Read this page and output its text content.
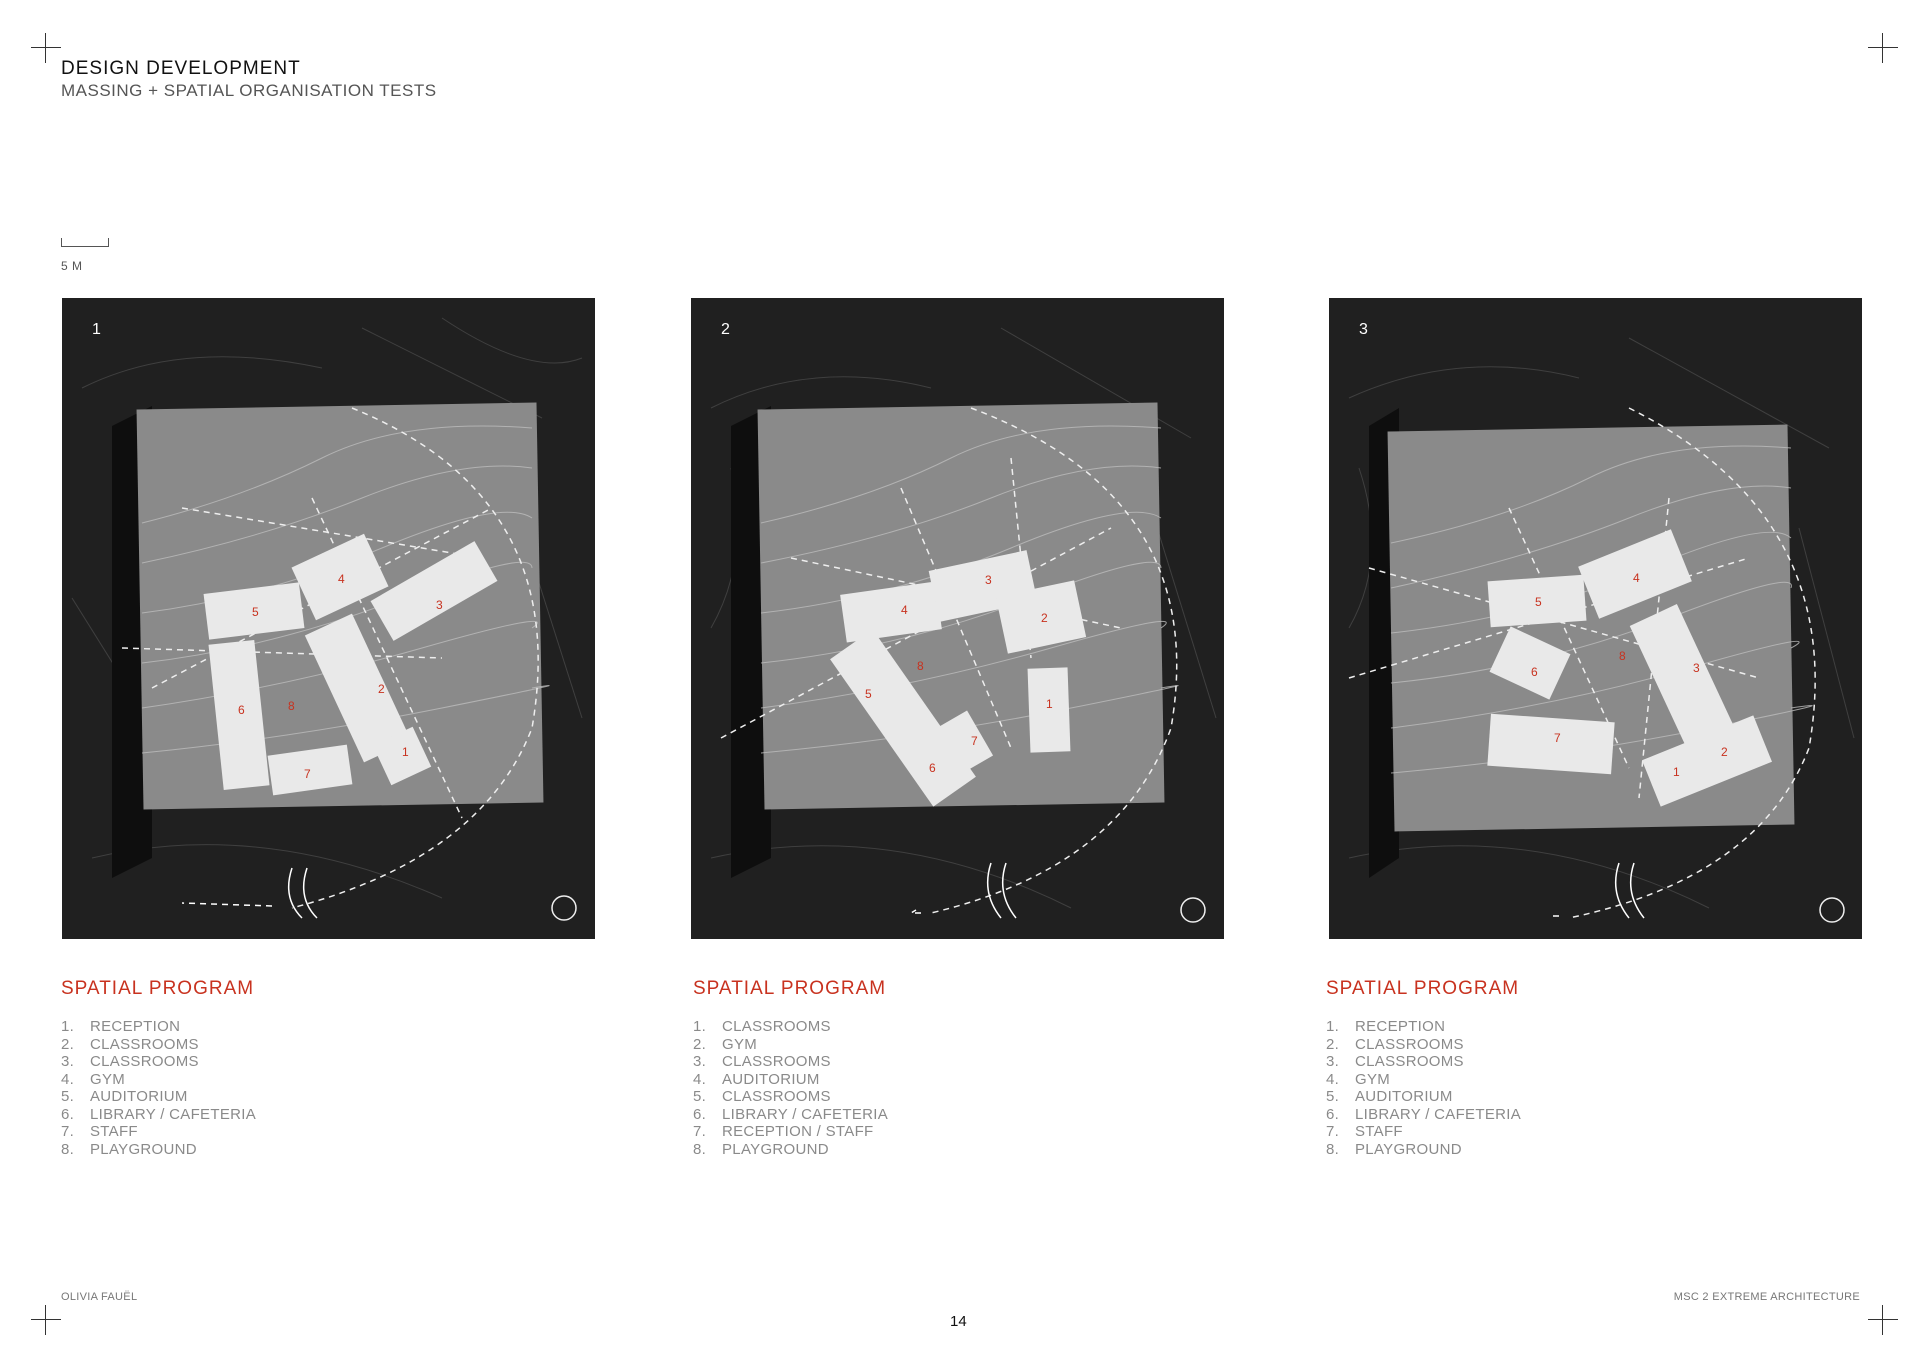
DESIGN DEVELOPMENT
MASSING + SPATIAL ORGANISATION TESTS
5 M
5
4
3
2
1
6	8
7
1
4
3
2
1
5
8
7
6
2
5
4
3
2
1
6
8
7
3
SPATIAL PROGRAM
1. RECEPTION
2. CLASSROOMS
3. CLASSROOMS
4. GYM
5. AUDITORIUM
6. LIBRARY / CAFETERIA
7. STAFF
8. PLAYGROUND
SPATIAL PROGRAM
1. CLASSROOMS
2. GYM
3. CLASSROOMS
4. AUDITORIUM
5. CLASSROOMS
6. LIBRARY / CAFETERIA
7. RECEPTION / STAFF
8. PLAYGROUND
SPATIAL PROGRAM
1. RECEPTION
2. CLASSROOMS
3. CLASSROOMS
4. GYM
5. AUDITORIUM
6. LIBRARY / CAFETERIA
7. STAFF
8. PLAYGROUND
OLIVIA FAUËL	MSC 2 EXTREME ARCHITECTURE
14
